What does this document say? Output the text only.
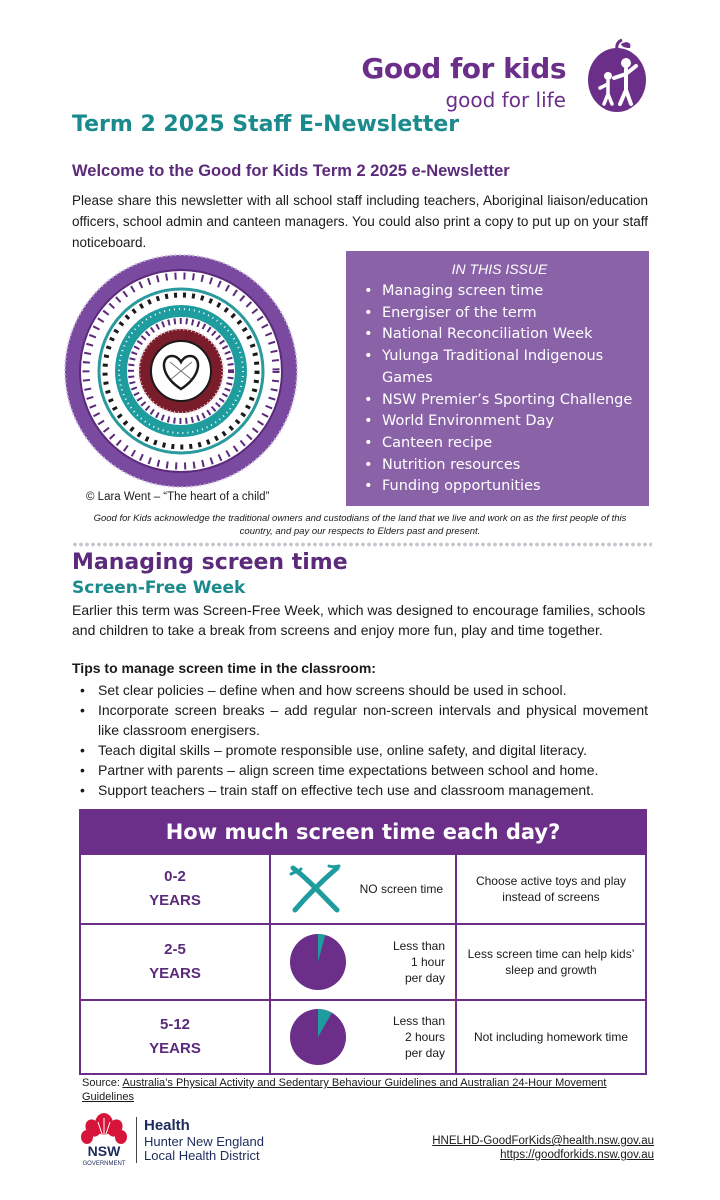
Good for kids
good for life
Term 2 2025 Staff E-Newsletter
Welcome to the Good for Kids Term 2 2025 e-Newsletter

Please share this newsletter with all school staff including teachers, Aboriginal liaison/education officers, school admin and canteen managers. You could also print a copy to put up on your staff noticeboard.

© Lara Went – “The heart of a child”
IN THIS ISSUE
• Managing screen time
• Energiser of the term
• National Reconciliation Week
• Yulunga Traditional Indigenous Games
• NSW Premier’s Sporting Challenge
• World Environment Day
• Canteen recipe
• Nutrition resources
• Funding opportunities

Good for Kids acknowledge the traditional owners and custodians of the land that we live and work on as the first people of this country, and pay our respects to Elders past and present.

Managing screen time
Screen-Free Week

Earlier this term was Screen-Free Week, which was designed to encourage families, schools and children to take a break from screens and enjoy more fun, play and time together.

Tips to manage screen time in the classroom:
• Set clear policies – define when and how screens should be used in school.
• Incorporate screen breaks – add regular non-screen intervals and physical movement like classroom energisers.
• Teach digital skills – promote responsible use, online safety, and digital literacy.
• Partner with parents – align screen time expectations between school and home.
• Support teachers – train staff on effective tech use and classroom management.
How much screen time each day?
0-2
YEARS
NO screen time
Choose active toys and play instead of screens
2-5
YEARS
Less than
1 hour
per day
Less screen time can help kids’ sleep and growth
5-12
YEARS
Less than
2 hours
per day
Not including homework time
Source: Australia’s Physical Activity and Sedentary Behaviour Guidelines and Australian 24-Hour Movement Guidelines
NSW
GOVERNMENT
Health
Hunter New England
Local Health District
HNELHD-GoodForKids@health.nsw.gov.au
https://goodforkids.nsw.gov.au
